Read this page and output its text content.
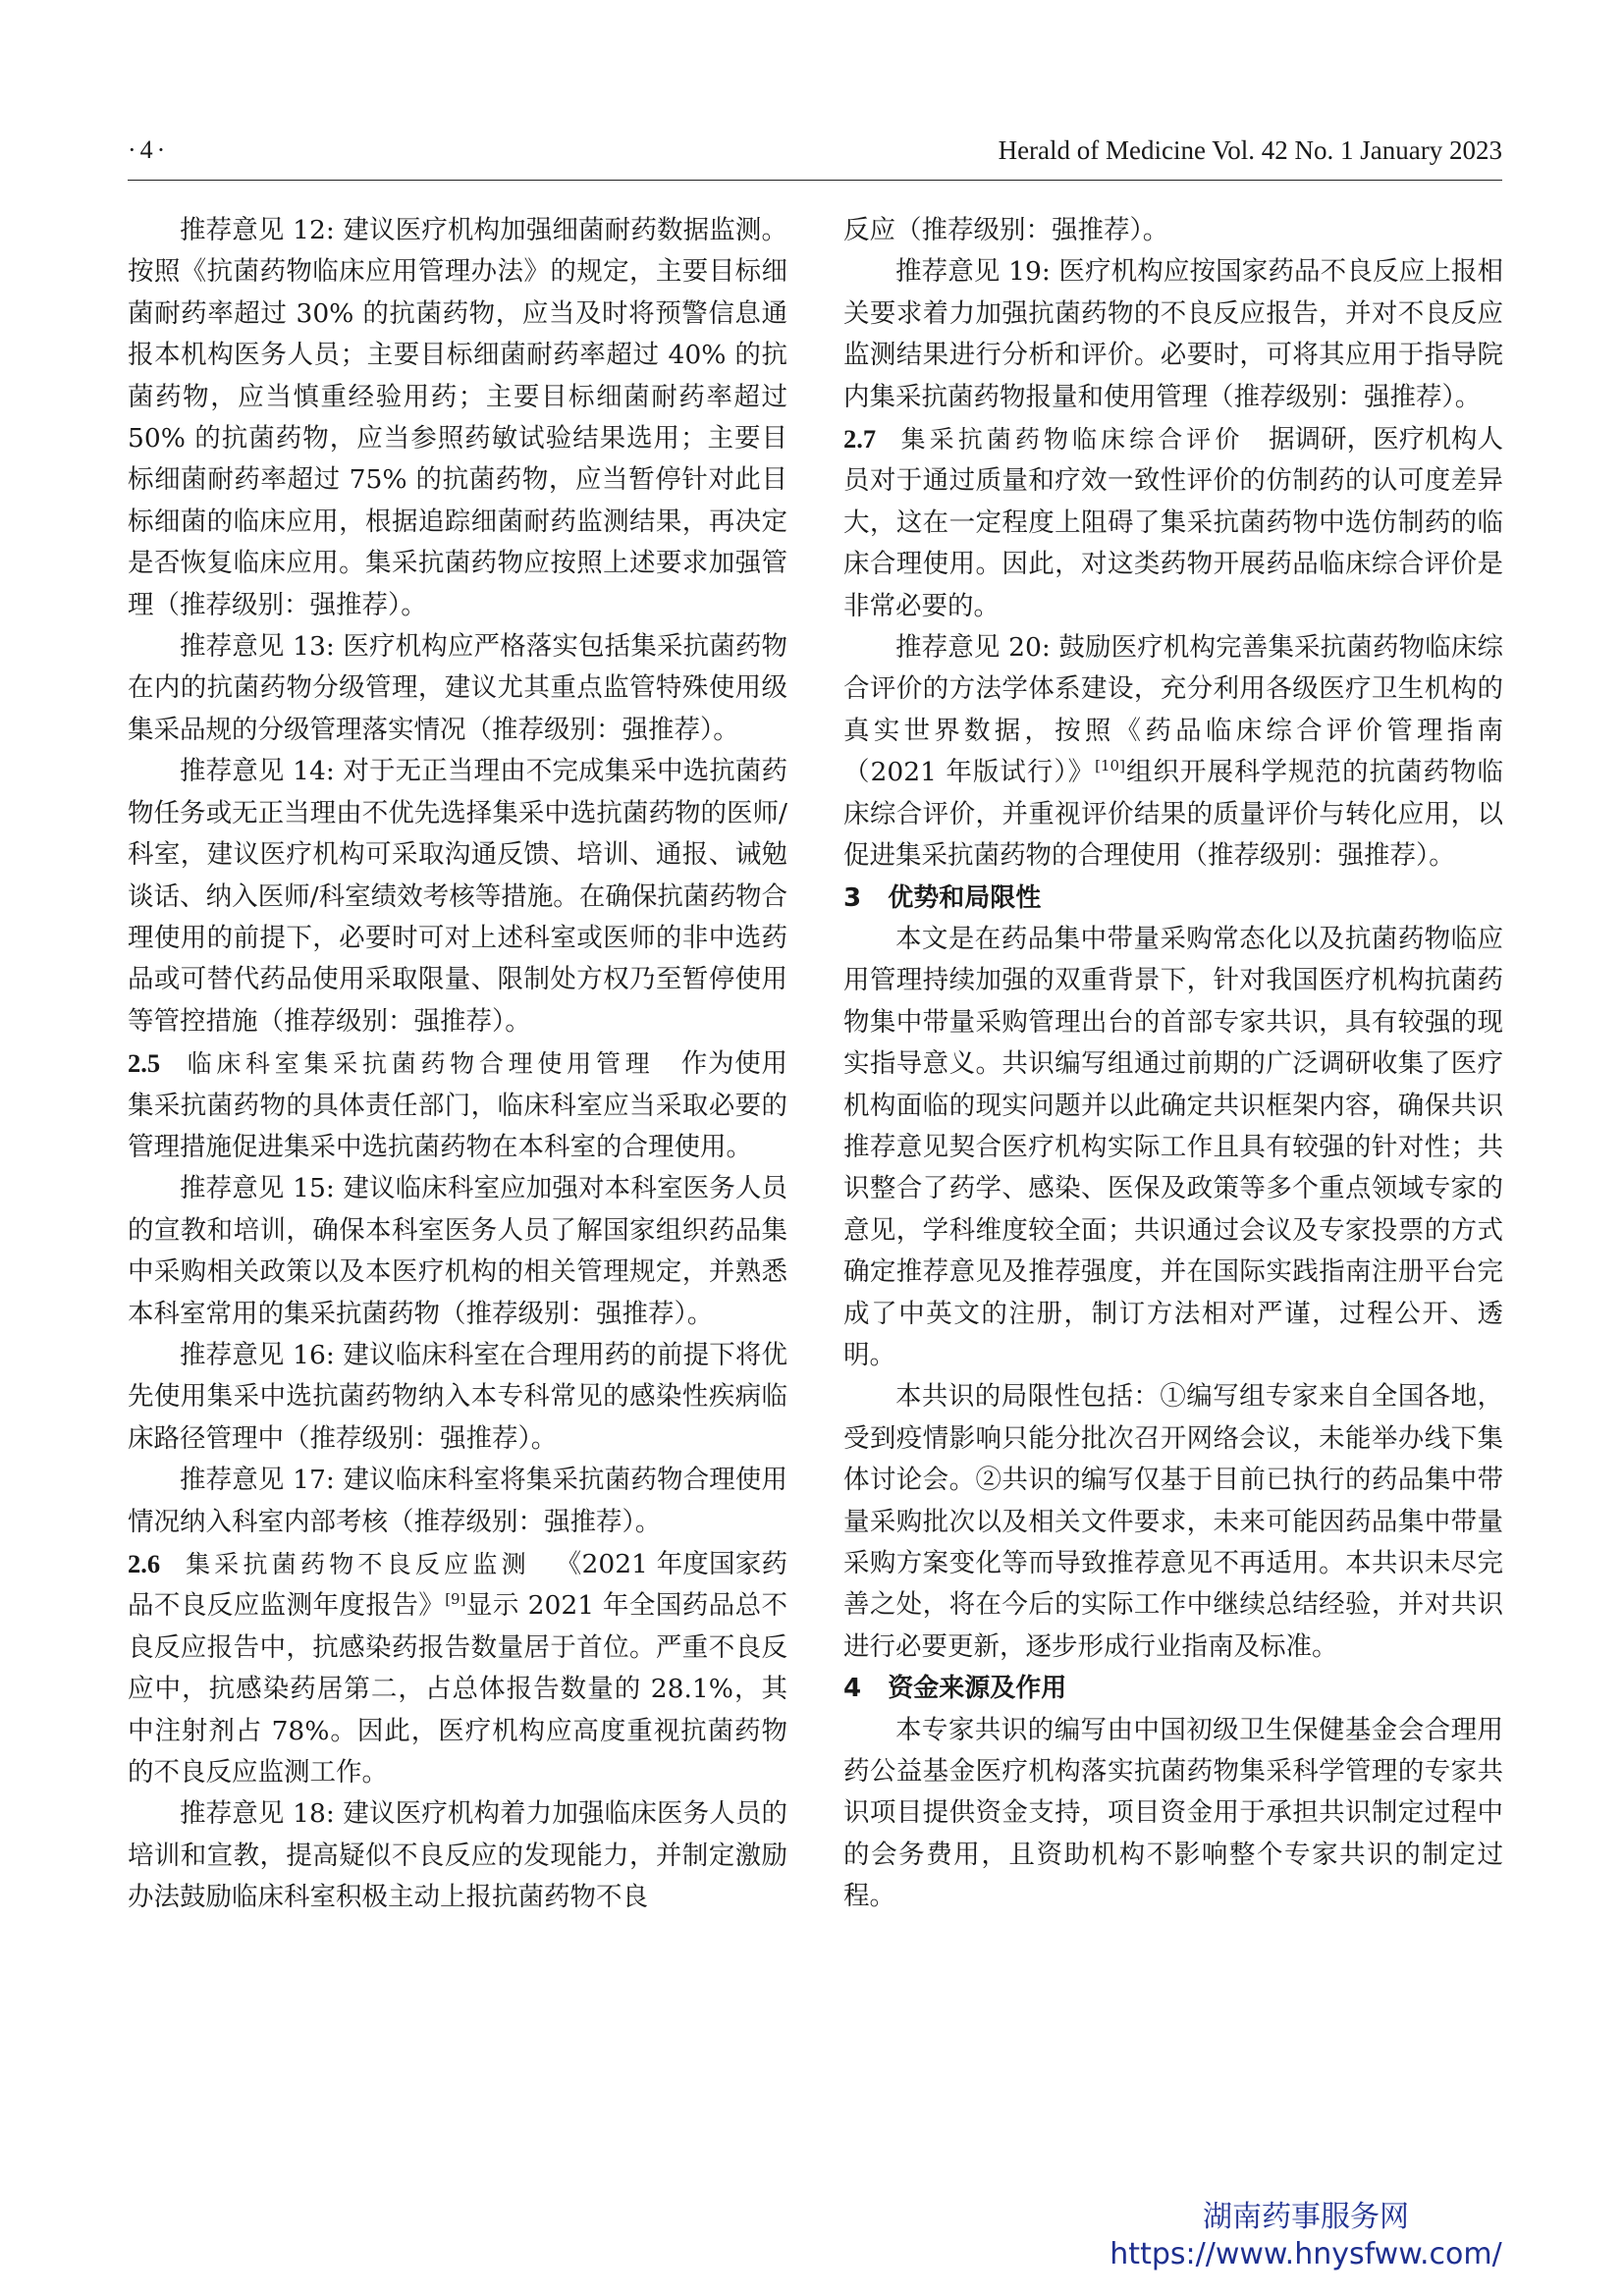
·4·	Herald of Medicine Vol. 42 No. 1 January 2023

推荐意见 12: 建议医疗机构加强细菌耐药数据监测。按照《抗菌药物临床应用管理办法》的规定，主要目标细菌耐药率超过 30% 的抗菌药物，应当及时将预警信息通报本机构医务人员；主要目标细菌耐药率超过 40% 的抗菌药物，应当慎重经验用药；主要目标细菌耐药率超过 50% 的抗菌药物，应当参照药敏试验结果选用；主要目标细菌耐药率超过 75% 的抗菌药物，应当暂停针对此目标细菌的临床应用，根据追踪细菌耐药监测结果，再决定是否恢复临床应用。集采抗菌药物应按照上述要求加强管理（推荐级别：强推荐）。

推荐意见 13: 医疗机构应严格落实包括集采抗菌药物在内的抗菌药物分级管理，建议尤其重点监管特殊使用级集采品规的分级管理落实情况（推荐级别：强推荐）。

推荐意见 14: 对于无正当理由不完成集采中选抗菌药物任务或无正当理由不优先选择集采中选抗菌药物的医师/科室，建议医疗机构可采取沟通反馈、培训、通报、诫勉谈话、纳入医师/科室绩效考核等措施。在确保抗菌药物合理使用的前提下，必要时可对上述科室或医师的非中选药品或可替代药品使用采取限量、限制处方权乃至暂停使用等管控措施（推荐级别：强推荐）。

2.5 临床科室集采抗菌药物合理使用管理 作为使用集采抗菌药物的具体责任部门，临床科室应当采取必要的管理措施促进集采中选抗菌药物在本科室的合理使用。

推荐意见 15: 建议临床科室应加强对本科室医务人员的宣教和培训，确保本科室医务人员了解国家组织药品集中采购相关政策以及本医疗机构的相关管理规定，并熟悉本科室常用的集采抗菌药物（推荐级别：强推荐）。

推荐意见 16: 建议临床科室在合理用药的前提下将优先使用集采中选抗菌药物纳入本专科常见的感染性疾病临床路径管理中（推荐级别：强推荐）。

推荐意见 17: 建议临床科室将集采抗菌药物合理使用情况纳入科室内部考核（推荐级别：强推荐）。

2.6 集采抗菌药物不良反应监测 《2021 年度国家药品不良反应监测年度报告》[9]显示 2021 年全国药品总不良反应报告中，抗感染药报告数量居于首位。严重不良反应中，抗感染药居第二，占总体报告数量的 28.1%，其中注射剂占 78%。因此，医疗机构应高度重视抗菌药物的不良反应监测工作。

推荐意见 18: 建议医疗机构着力加强临床医务人员的培训和宣教，提高疑似不良反应的发现能力，并制定激励办法鼓励临床科室积极主动上报抗菌药物不良

反应（推荐级别：强推荐）。

推荐意见 19: 医疗机构应按国家药品不良反应上报相关要求着力加强抗菌药物的不良反应报告，并对不良反应监测结果进行分析和评价。必要时，可将其应用于指导院内集采抗菌药物报量和使用管理（推荐级别：强推荐）。

2.7 集采抗菌药物临床综合评价 据调研，医疗机构人员对于通过质量和疗效一致性评价的仿制药的认可度差异大，这在一定程度上阻碍了集采抗菌药物中选仿制药的临床合理使用。因此，对这类药物开展药品临床综合评价是非常必要的。

推荐意见 20: 鼓励医疗机构完善集采抗菌药物临床综合评价的方法学体系建设，充分利用各级医疗卫生机构的真实世界数据，按照《药品临床综合评价管理指南（2021 年版试行）》[10]组织开展科学规范的抗菌药物临床综合评价，并重视评价结果的质量评价与转化应用，以促进集采抗菌药物的合理使用（推荐级别：强推荐）。

3 优势和局限性

本文是在药品集中带量采购常态化以及抗菌药物临应用管理持续加强的双重背景下，针对我国医疗机构抗菌药物集中带量采购管理出台的首部专家共识，具有较强的现实指导意义。共识编写组通过前期的广泛调研收集了医疗机构面临的现实问题并以此确定共识框架内容，确保共识推荐意见契合医疗机构实际工作且具有较强的针对性；共识整合了药学、感染、医保及政策等多个重点领域专家的意见，学科维度较全面；共识通过会议及专家投票的方式确定推荐意见及推荐强度，并在国际实践指南注册平台完成了中英文的注册，制订方法相对严谨，过程公开、透明。

本共识的局限性包括：①编写组专家来自全国各地，受到疫情影响只能分批次召开网络会议，未能举办线下集体讨论会。②共识的编写仅基于目前已执行的药品集中带量采购批次以及相关文件要求，未来可能因药品集中带量采购方案变化等而导致推荐意见不再适用。本共识未尽完善之处，将在今后的实际工作中继续总结经验，并对共识进行必要更新，逐步形成行业指南及标准。

4 资金来源及作用

本专家共识的编写由中国初级卫生保健基金会合理用药公益基金医疗机构落实抗菌药物集采科学管理的专家共识项目提供资金支持，项目资金用于承担共识制定过程中的会务费用，且资助机构不影响整个专家共识的制定过程。

湖南药事服务网
https://www.hnysfww.com/
